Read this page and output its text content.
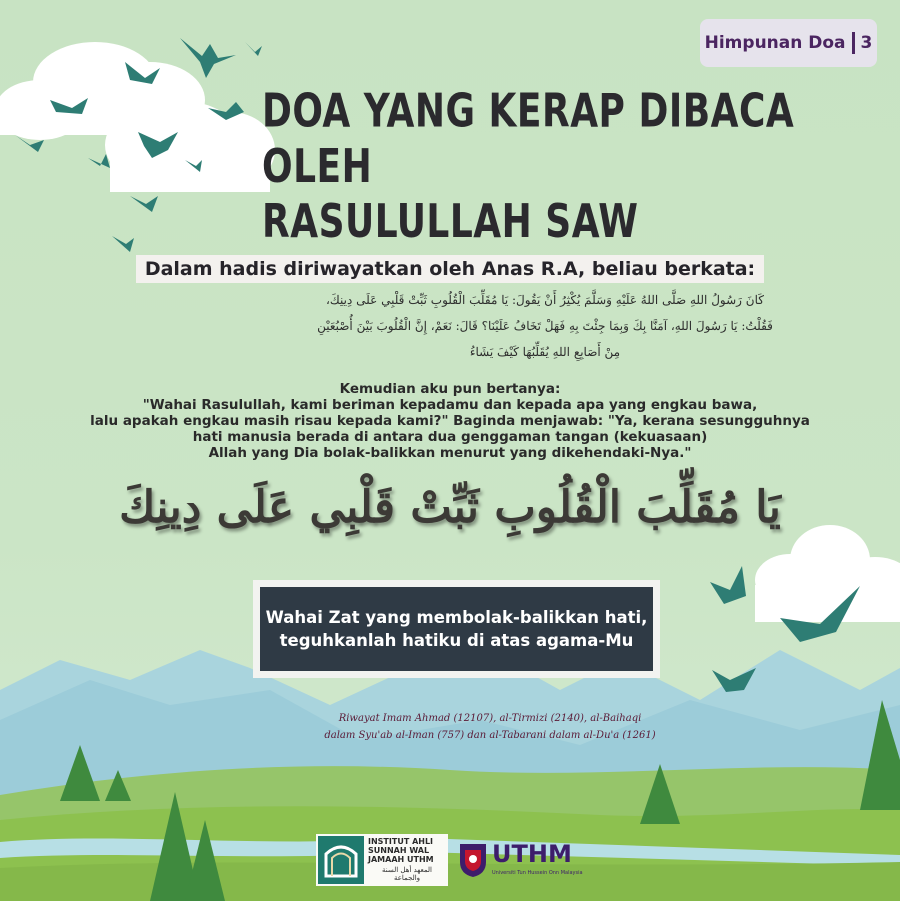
Himpunan Doa 3
DOA YANG KERAP DIBACA OLEH
RASULULLAH SAW
Dalam hadis diriwayatkan oleh Anas R.A, beliau berkata:
كَانَ رَسُولُ اللهِ صَلَّى اللهُ عَلَيْهِ وَسَلَّمَ يُكْثِرُ أَنْ يَقُولَ: يَا مُقَلِّبَ الْقُلُوبِ ثَبِّتْ قَلْبِي عَلَى دِينِكَ،
فَقُلْتُ: يَا رَسُولَ اللهِ، آمَنَّا بِكَ وَبِمَا جِئْتَ بِهِ فَهَلْ تَخَافُ عَلَيْنَا؟ قَالَ: نَعَمْ، إِنَّ الْقُلُوبَ بَيْنَ أُصْبُعَيْنِ
مِنْ أَصَابِعِ اللهِ يُقَلِّبُهَا كَيْفَ يَشَاءُ
Kemudian aku pun bertanya:
"Wahai Rasulullah, kami beriman kepadamu dan kepada apa yang engkau bawa,
lalu apakah engkau masih risau kepada kami?" Baginda menjawab: "Ya, kerana sesungguhnya
hati manusia berada di antara dua genggaman tangan (kekuasaan)
Allah yang Dia bolak-balikkan menurut yang dikehendaki-Nya."
يَا مُقَلِّبَ الْقُلُوبِ ثَبِّتْ قَلْبِي عَلَى دِينِكَ
Wahai Zat yang membolak-balikkan hati,
teguhkanlah hatiku di atas agama-Mu
Riwayat Imam Ahmad (12107), al-Tirmizi (2140), al-Baihaqi
dalam Syu'ab al-Iman (757) dan al-Tabarani dalam al-Du'a (1261)
INSTITUT AHLI SUNNAH WAL JAMAAH UTHM
المعهد أهل السنة والجماعة
UTHM
Universiti Tun Hussein Onn Malaysia
